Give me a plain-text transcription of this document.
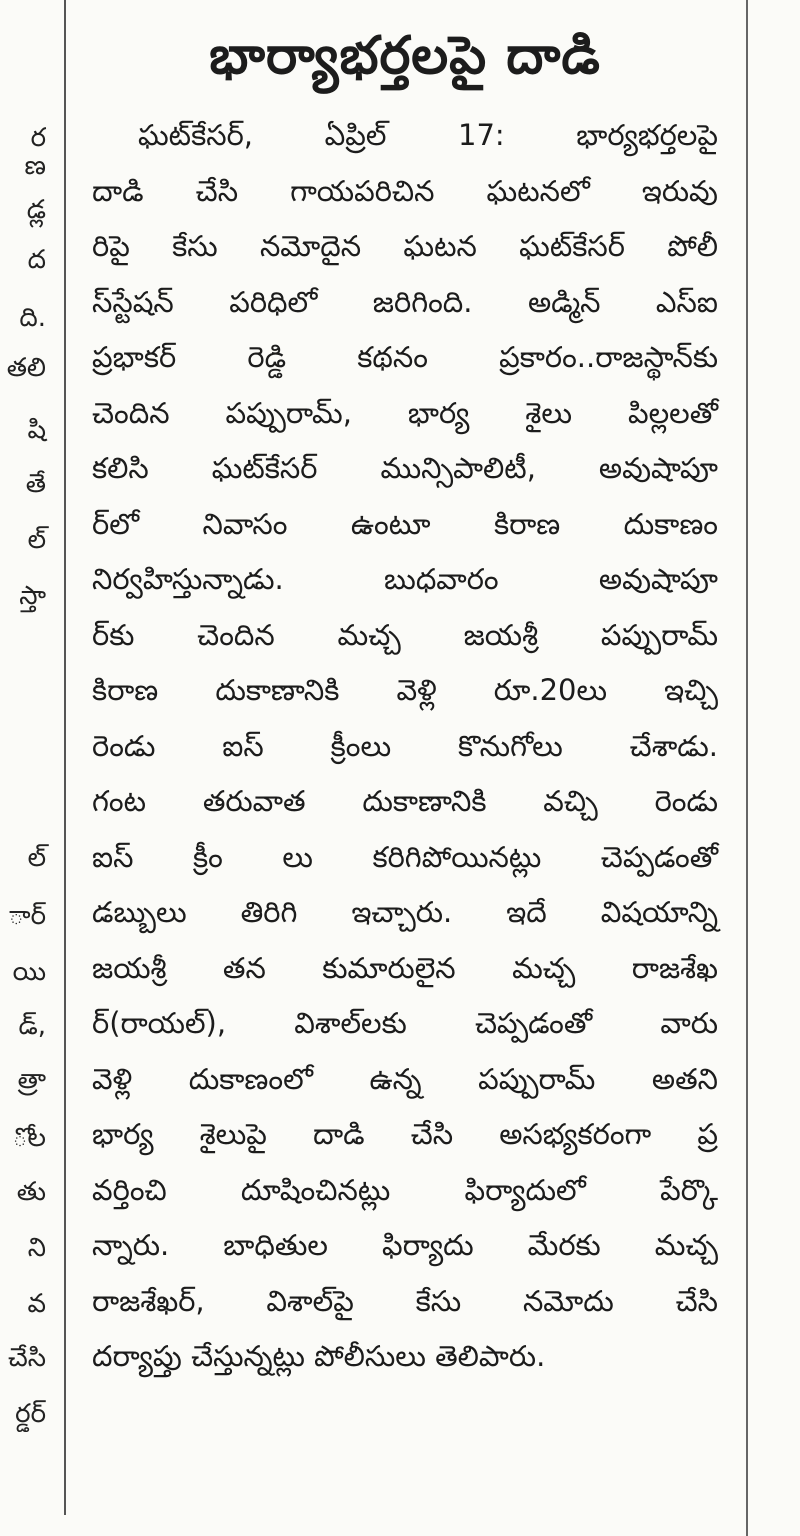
ర
ణ
డ్ల
ద
ది.
తలి
షి
తే
ల్
స్తా
ల్
ార్
యి
డ్,
త్రా
ోల
తు
ని
వ
చేసి
ర్డర్
భార్యాభర్తలపై దాడి
ఘట్‌కేసర్, ఏప్రిల్ 17: భార్యభర్తలపై
దాడి చేసి గాయపరిచిన ఘటనలో ఇరువు
రిపై కేసు నమోదైన ఘటన ఘట్‌కేసర్ పోలీ
స్‌స్టేషన్ పరిధిలో జరిగింది. అడ్మిన్ ఎస్‌ఐ
ప్రభాకర్ రెడ్డి కథనం ప్రకారం..రాజస్థాన్‌కు
చెందిన పప్పురామ్, భార్య శైలు పిల్లలతో
కలిసి ఘట్‌కేసర్ మున్సిపాలిటీ, అవుషాపూ
ర్‌లో నివాసం ఉంటూ కిరాణ దుకాణం
నిర్వహిస్తున్నాడు. బుధవారం అవుషాపూ
ర్‌కు చెందిన మచ్చ జయశ్రీ పప్పురామ్
కిరాణ దుకాణానికి వెళ్లి రూ.20లు ఇచ్చి
రెండు ఐస్ క్రీంలు కొనుగోలు చేశాడు.
గంట తరువాత దుకాణానికి వచ్చి రెండు
ఐస్ క్రీం లు కరిగిపోయినట్లు చెప్పడంతో
డబ్బులు తిరిగి ఇచ్చారు. ఇదే విషయాన్ని
జయశ్రీ తన కుమారులైన మచ్చ రాజశేఖ
ర్(రాయల్), విశాల్‌లకు చెప్పడంతో వారు
వెళ్లి దుకాణంలో ఉన్న పప్పురామ్ అతని
భార్య శైలుపై దాడి చేసి అసభ్యకరంగా ప్ర
వర్తించి దూషించినట్లు ఫిర్యాదులో పేర్కొ
న్నారు. బాధితుల ఫిర్యాదు మేరకు మచ్చ
రాజశేఖర్, విశాల్‌పై కేసు నమోదు చేసి
దర్యాప్తు చేస్తున్నట్లు పోలీసులు తెలిపారు.
